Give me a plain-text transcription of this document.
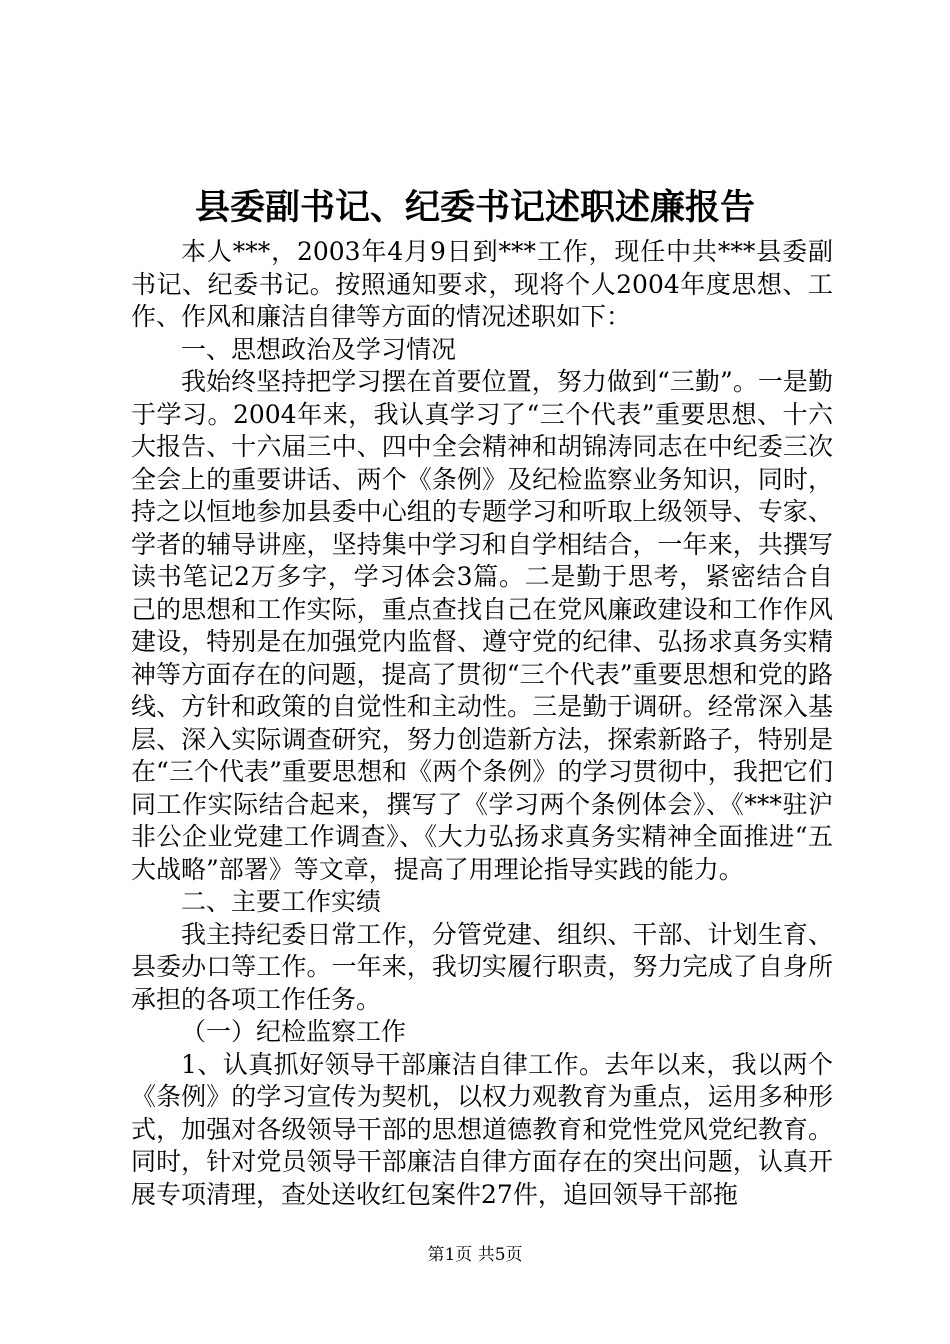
县委副书记、纪委书记述职述廉报告

本人***，2003年4月9日到***工作，现任中共***县委副书记、纪委书记。按照通知要求，现将个人2004年度思想、工作、作风和廉洁自律等方面的情况述职如下：

一、思想政治及学习情况

我始终坚持把学习摆在首要位置，努力做到“三勤”。一是勤于学习。2004年来，我认真学习了“三个代表”重要思想、十六大报告、十六届三中、四中全会精神和胡锦涛同志在中纪委三次全会上的重要讲话、两个《条例》及纪检监察业务知识，同时，持之以恒地参加县委中心组的专题学习和听取上级领导、专家、学者的辅导讲座，坚持集中学习和自学相结合，一年来，共撰写读书笔记2万多字，学习体会3篇。二是勤于思考，紧密结合自己的思想和工作实际，重点查找自己在党风廉政建设和工作作风建设，特别是在加强党内监督、遵守党的纪律、弘扬求真务实精神等方面存在的问题，提高了贯彻“三个代表”重要思想和党的路线、方针和政策的自觉性和主动性。三是勤于调研。经常深入基层、深入实际调查研究，努力创造新方法，探索新路子，特别是在“三个代表”重要思想和《两个条例》的学习贯彻中，我把它们同工作实际结合起来，撰写了《学习两个条例体会》、《***驻沪非公企业党建工作调查》、《大力弘扬求真务实精神全面推进“五大战略”部署》等文章，提高了用理论指导实践的能力。

二、主要工作实绩

我主持纪委日常工作，分管党建、组织、干部、计划生育、县委办口等工作。一年来，我切实履行职责，努力完成了自身所承担的各项工作任务。

（一）纪检监察工作

1、认真抓好领导干部廉洁自律工作。去年以来，我以两个《条例》的学习宣传为契机，以权力观教育为重点，运用多种形式，加强对各级领导干部的思想道德教育和党性党风党纪教育。同时，针对党员领导干部廉洁自律方面存在的突出问题，认真开展专项清理，查处送收红包案件27件，追回领导干部拖

第1页 共5页
